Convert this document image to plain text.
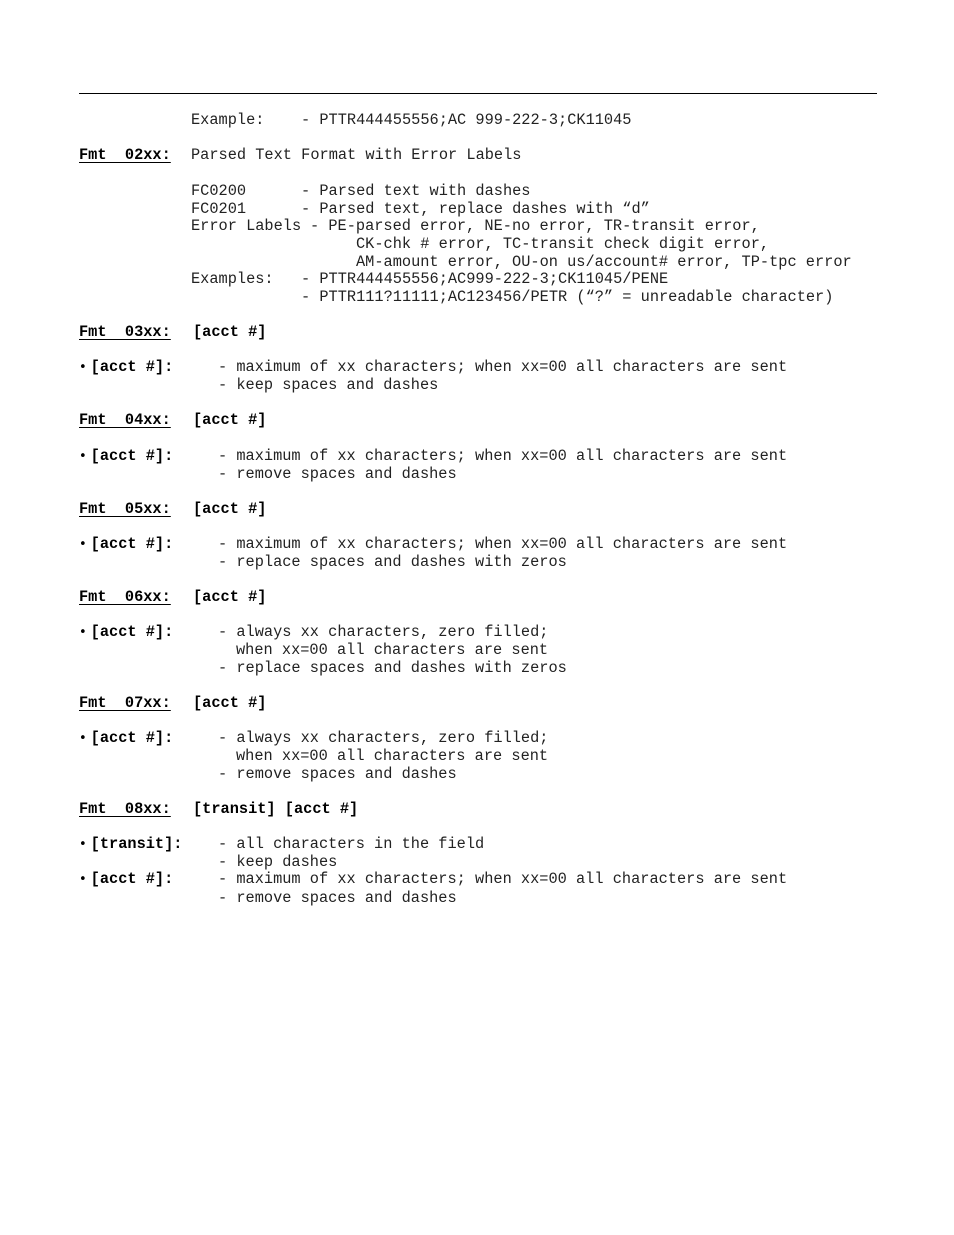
Example: - PTTR444455556;AC 999-222-3;CK11045
Fmt  02xx: Parsed Text Format with Error Labels
FC0200	- Parsed text with dashes
FC0201	- Parsed text, replace dashes with “d”
Error Labels - PE-parsed error, NE-no error, TR-transit error,
CK-chk # error, TC-transit check digit error,
AM-amount error, OU-on us/account# error, TP-tpc error
Examples: - PTTR444455556;AC999-222-3;CK11045/PENE
- PTTR111?11111;AC123456/PETR (“?” = unreadable character)
Fmt  03xx: [acct #]
• [acct #]:	- maximum of xx characters; when xx=00 all characters are sent
- keep spaces and dashes
Fmt  04xx: [acct #]
• [acct #]:	- maximum of xx characters; when xx=00 all characters are sent
- remove spaces and dashes
Fmt  05xx: [acct #]
• [acct #]:	- maximum of xx characters; when xx=00 all characters are sent
- replace spaces and dashes with zeros
Fmt  06xx: [acct #]
• [acct #]:	- always xx characters, zero filled;
when xx=00 all characters are sent
- replace spaces and dashes with zeros
Fmt  07xx: [acct #]
• [acct #]:	- always xx characters, zero filled;
when xx=00 all characters are sent
- remove spaces and dashes
Fmt  08xx: [transit] [acct #]
• [transit]: - all characters in the field
- keep dashes
• [acct #]:	- maximum of xx characters; when xx=00 all characters are sent
- remove spaces and dashes
